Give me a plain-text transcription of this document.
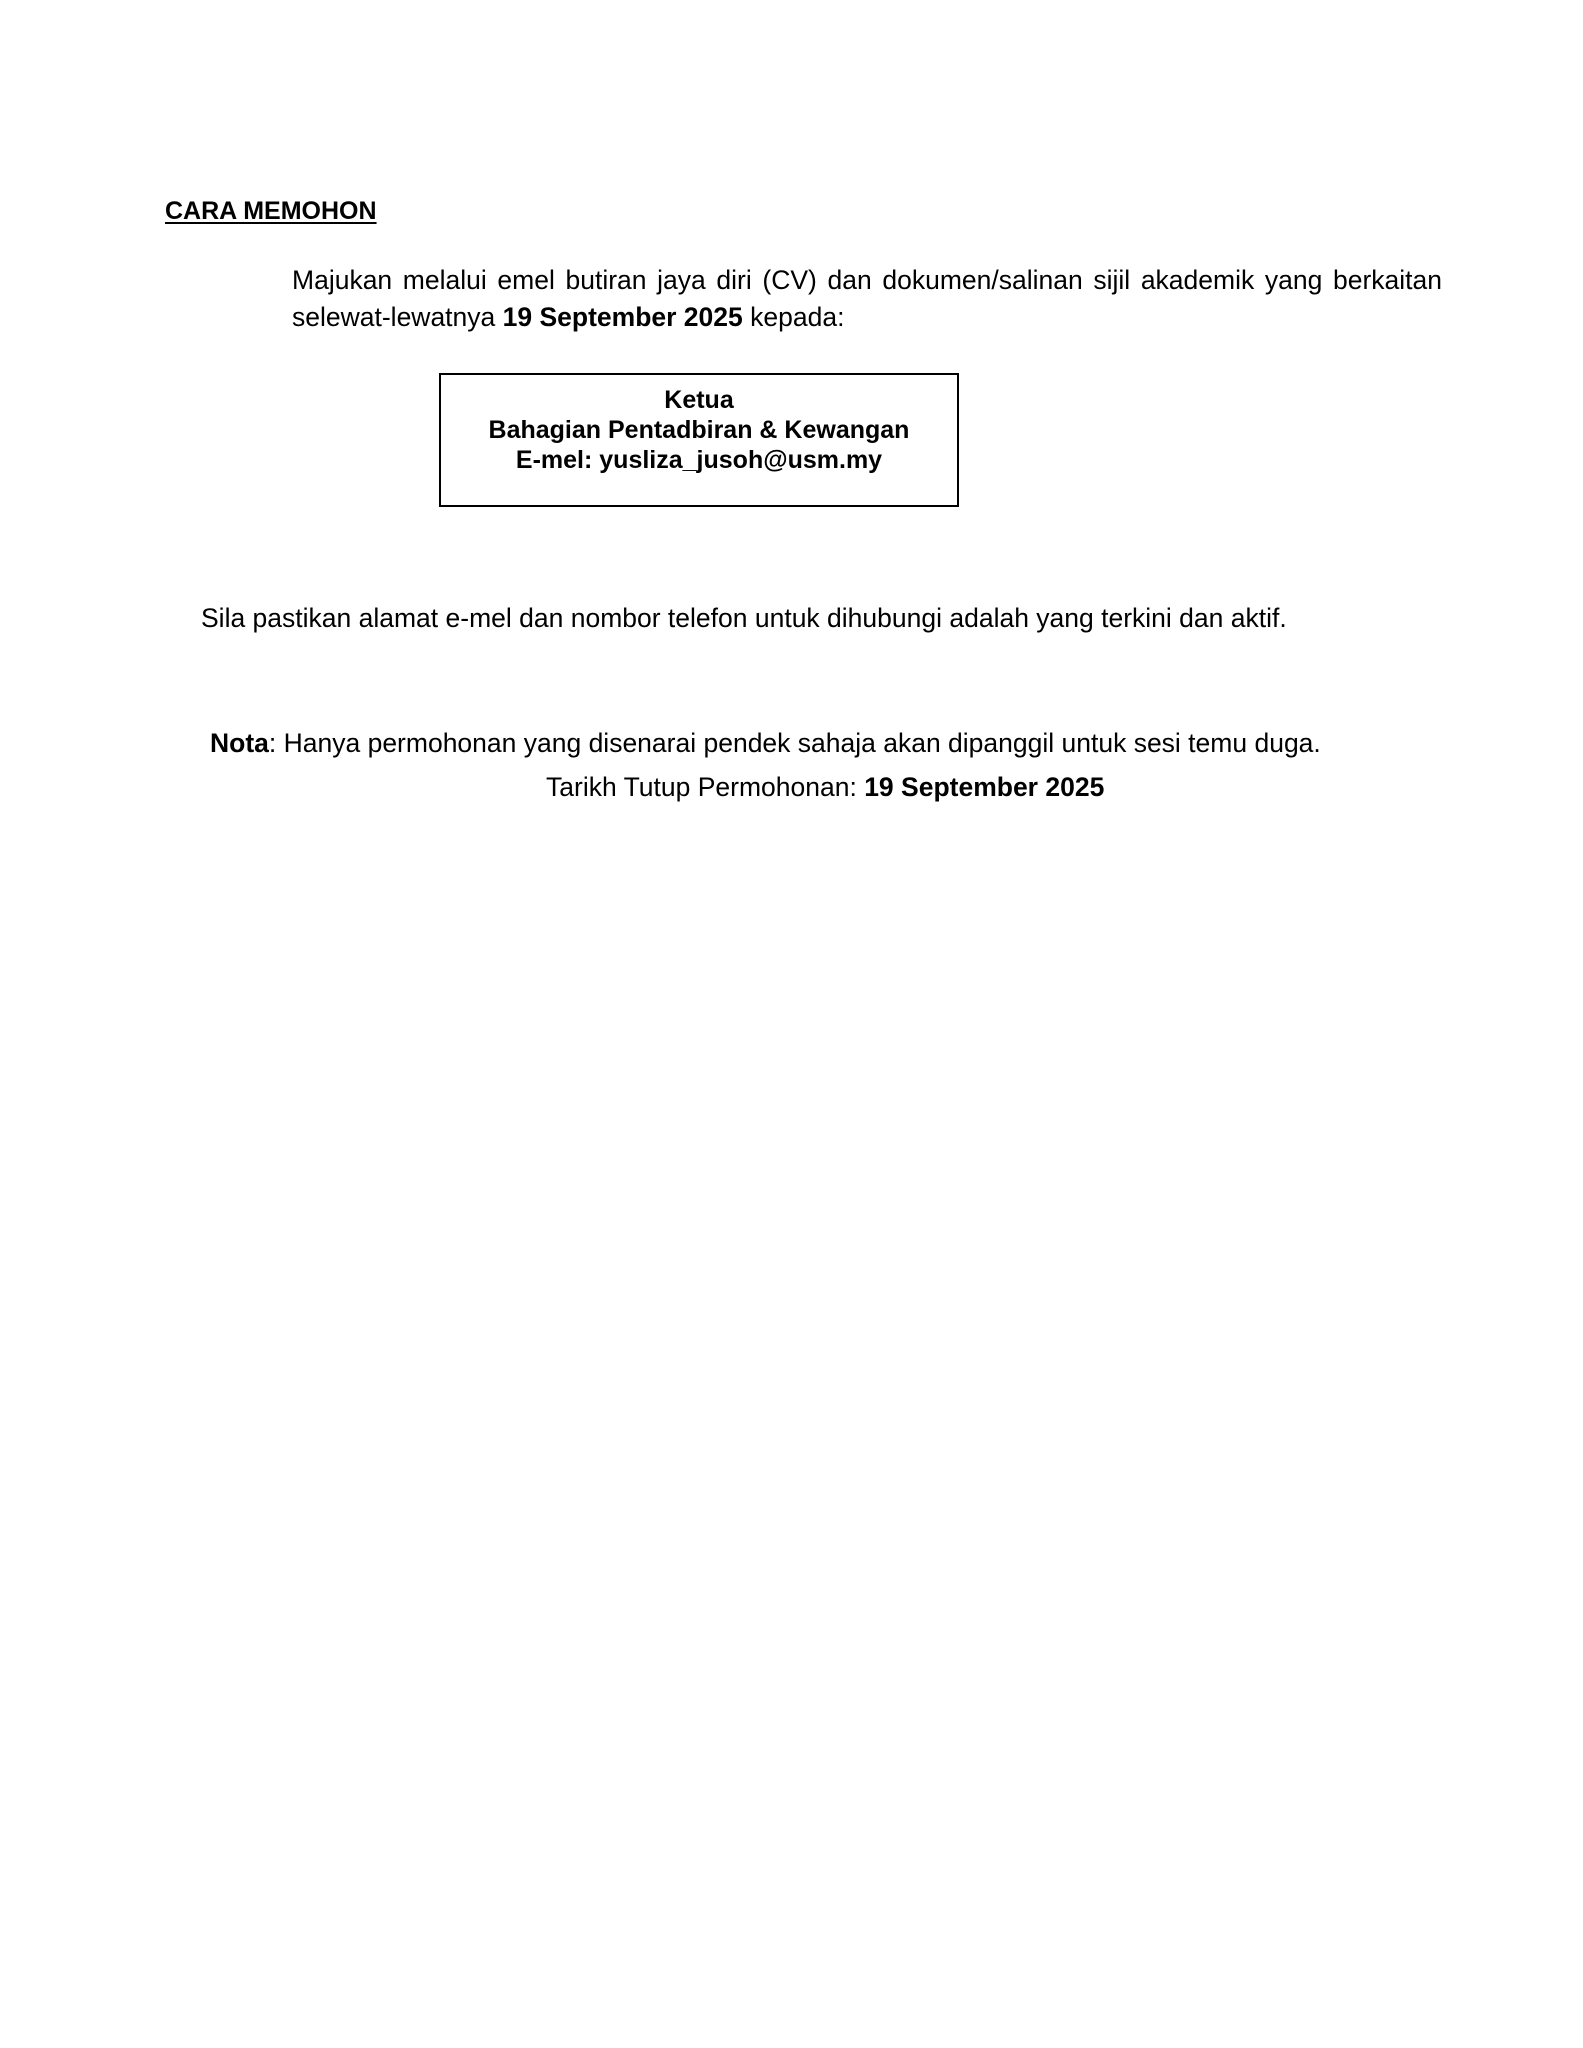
CARA MEMOHON

Majukan melalui emel butiran jaya diri (CV) dan dokumen/salinan sijil akademik yang berkaitan selewat-lewatnya 19 September 2025 kepada:

Ketua
Bahagian Pentadbiran & Kewangan
E-mel: yusliza_jusoh@usm.my

Sila pastikan alamat e-mel dan nombor telefon untuk dihubungi adalah yang terkini dan aktif.

Nota: Hanya permohonan yang disenarai pendek sahaja akan dipanggil untuk sesi temu duga.

Tarikh Tutup Permohonan: 19 September 2025
